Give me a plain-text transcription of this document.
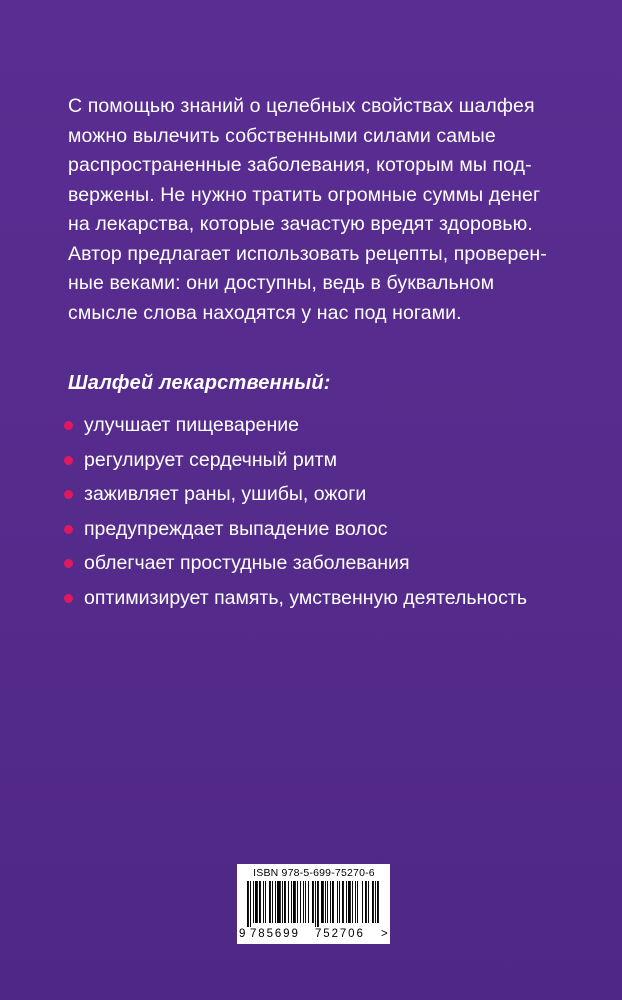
С помощью знаний о целебных свойствах шалфея

можно вылечить собственными силами самые

распространенные заболевания, которым мы под-

вержены. Не нужно тратить огромные суммы денег

на лекарства, которые зачастую вредят здоровью.

Автор предлагает использовать рецепты, проверен-

ные веками: они доступны, ведь в буквальном

смысле слова находятся у нас под ногами.

Шалфей лекарственный:
улучшает пищеварение
регулирует сердечный ритм
заживляет раны, ушибы, ожоги
предупреждает выпадение волос
облегчает простудные заболевания
оптимизирует память, умственную деятельность
ISBN 978-5-699-75270-6
9 785699 752706 >
